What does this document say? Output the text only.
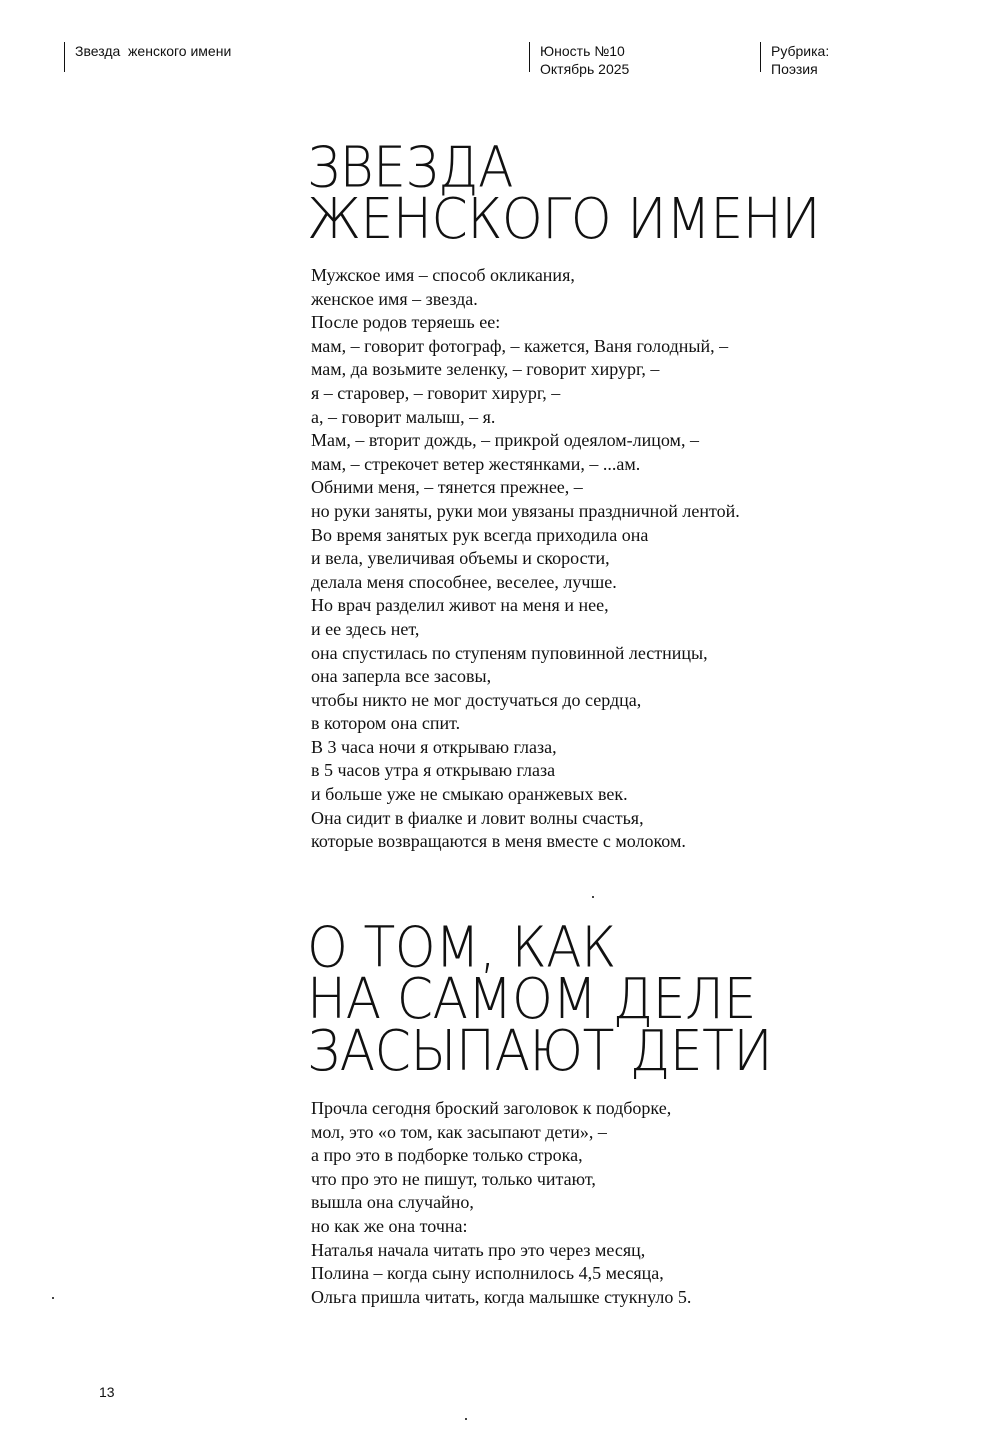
Звезда  женского имени	Юность №10
Октябрь 2025
Рубрика:
Поэзия
ЗВЕЗДА
ЖЕНСКОГО ИМЕНИ
Мужское имя – способ окликания,
женское имя – звезда.
После родов теряешь ее:
мам, – говорит фотограф, – кажется, Ваня голодный, –
мам, да возьмите зеленку, – говорит хирург, –
я – старовер, – говорит хирург, –
а, – говорит малыш, – я.
Мам, – вторит дождь, – прикрой одеялом-лицом, –
мам, – стрекочет ветер жестянками, – ...ам.
Обними меня, – тянется прежнее, –
но руки заняты, руки мои увязаны праздничной лентой.
Во время занятых рук всегда приходила она
и вела, увеличивая объемы и скорости,
делала меня способнее, веселее, лучше.
Но врач разделил живот на меня и нее,
и ее здесь нет,
она спустилась по ступеням пуповинной лестницы,
она заперла все засовы,
чтобы никто не мог достучаться до сердца,
в котором она спит.
В 3 часа ночи я открываю глаза,
в 5 часов утра я открываю глаза
и больше уже не смыкаю оранжевых век.
Она сидит в фиалке и ловит волны счастья,
которые возвращаются в меня вместе с молоком.
О ТОМ, КАК
НА САМОМ ДЕЛЕ
ЗАСЫПАЮТ ДЕТИ
Прочла сегодня броский заголовок к подборке,
мол, это «о том, как засыпают дети», –
а про это в подборке только строка,
что про это не пишут, только читают,
вышла она случайно,
но как же она точна:
Наталья начала читать про это через месяц,
Полина – когда сыну исполнилось 4,5 месяца,
Ольга пришла читать, когда малышке стукнуло 5.
13
